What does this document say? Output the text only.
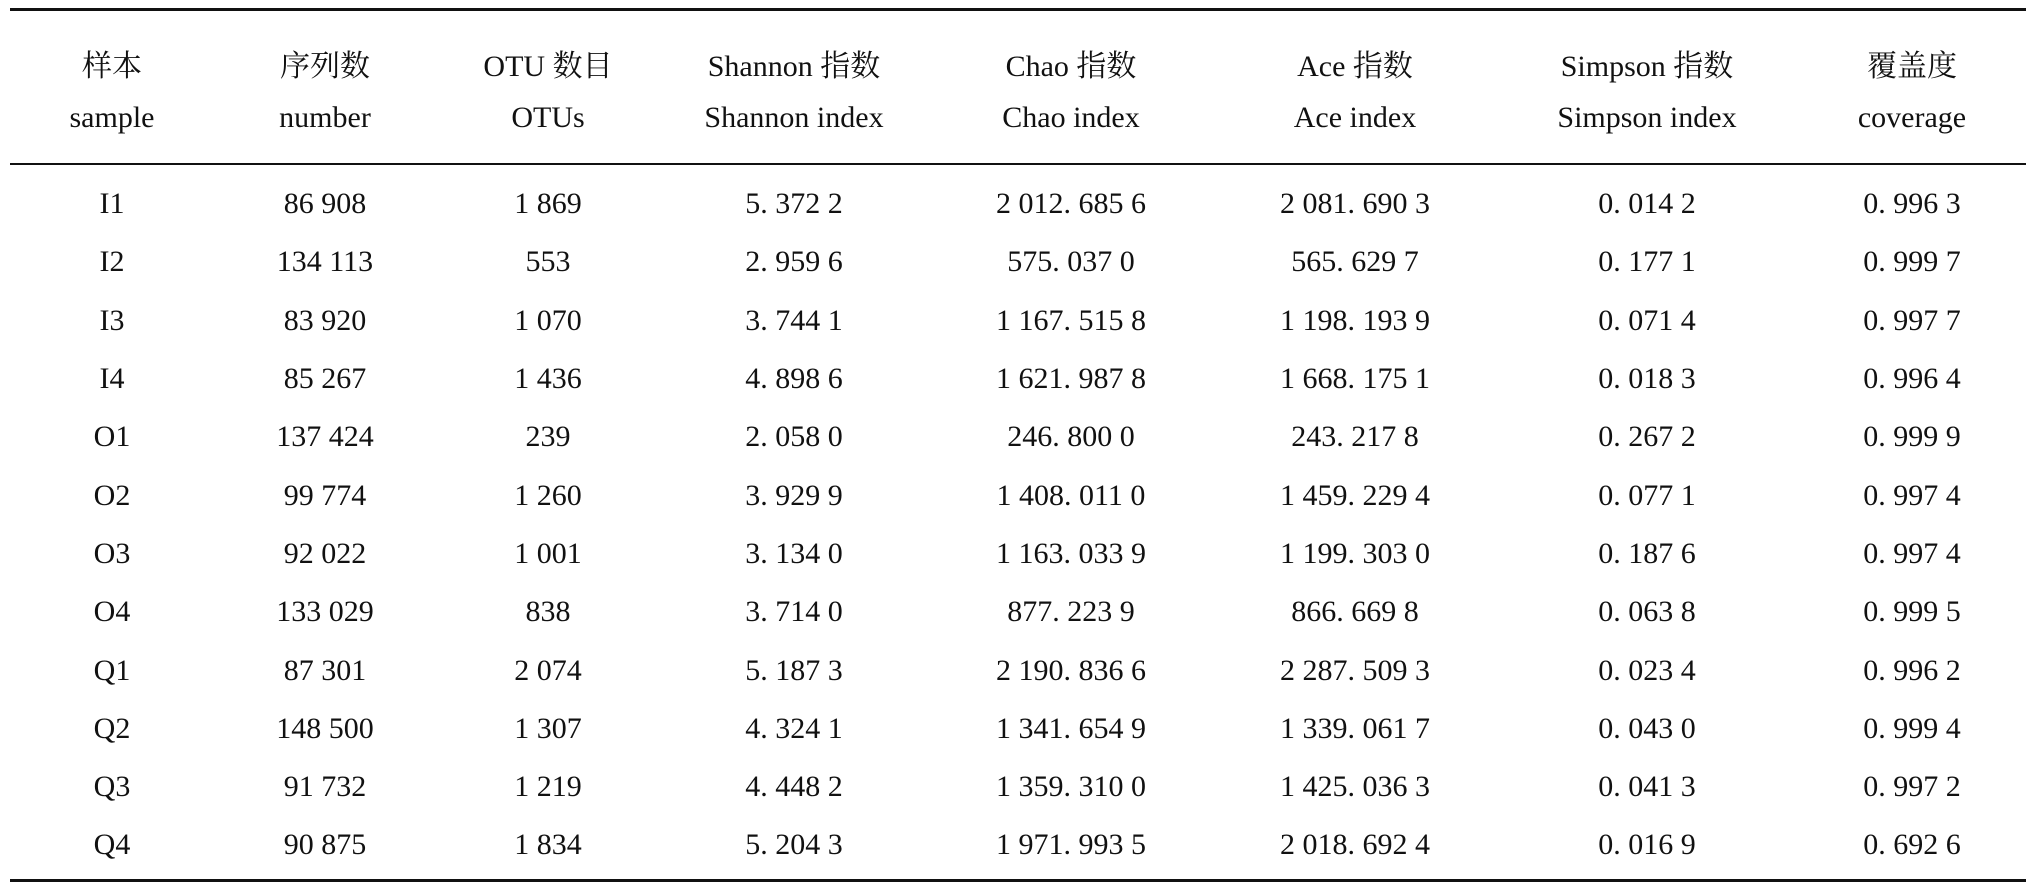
样本	序列数	OTU 数目	Shannon 指数	Chao 指数	Ace 指数	Simpson 指数	覆盖度
sample	number	OTUs	Shannon index	Chao index	Ace index	Simpson index	coverage
I1	86 908	1 869	5. 372 2	2 012. 685 6	2 081. 690 3	0. 014 2	0. 996 3
I2	134 113	553	2. 959 6	575. 037 0	565. 629 7	0. 177 1	0. 999 7
I3	83 920	1 070	3. 744 1	1 167. 515 8	1 198. 193 9	0. 071 4	0. 997 7
I4	85 267	1 436	4. 898 6	1 621. 987 8	1 668. 175 1	0. 018 3	0. 996 4
O1	137 424	239	2. 058 0	246. 800 0	243. 217 8	0. 267 2	0. 999 9
O2	99 774	1 260	3. 929 9	1 408. 011 0	1 459. 229 4	0. 077 1	0. 997 4
O3	92 022	1 001	3. 134 0	1 163. 033 9	1 199. 303 0	0. 187 6	0. 997 4
O4	133 029	838	3. 714 0	877. 223 9	866. 669 8	0. 063 8	0. 999 5
Q1	87 301	2 074	5. 187 3	2 190. 836 6	2 287. 509 3	0. 023 4	0. 996 2
Q2	148 500	1 307	4. 324 1	1 341. 654 9	1 339. 061 7	0. 043 0	0. 999 4
Q3	91 732	1 219	4. 448 2	1 359. 310 0	1 425. 036 3	0. 041 3	0. 997 2
Q4	90 875	1 834	5. 204 3	1 971. 993 5	2 018. 692 4	0. 016 9	0. 692 6
